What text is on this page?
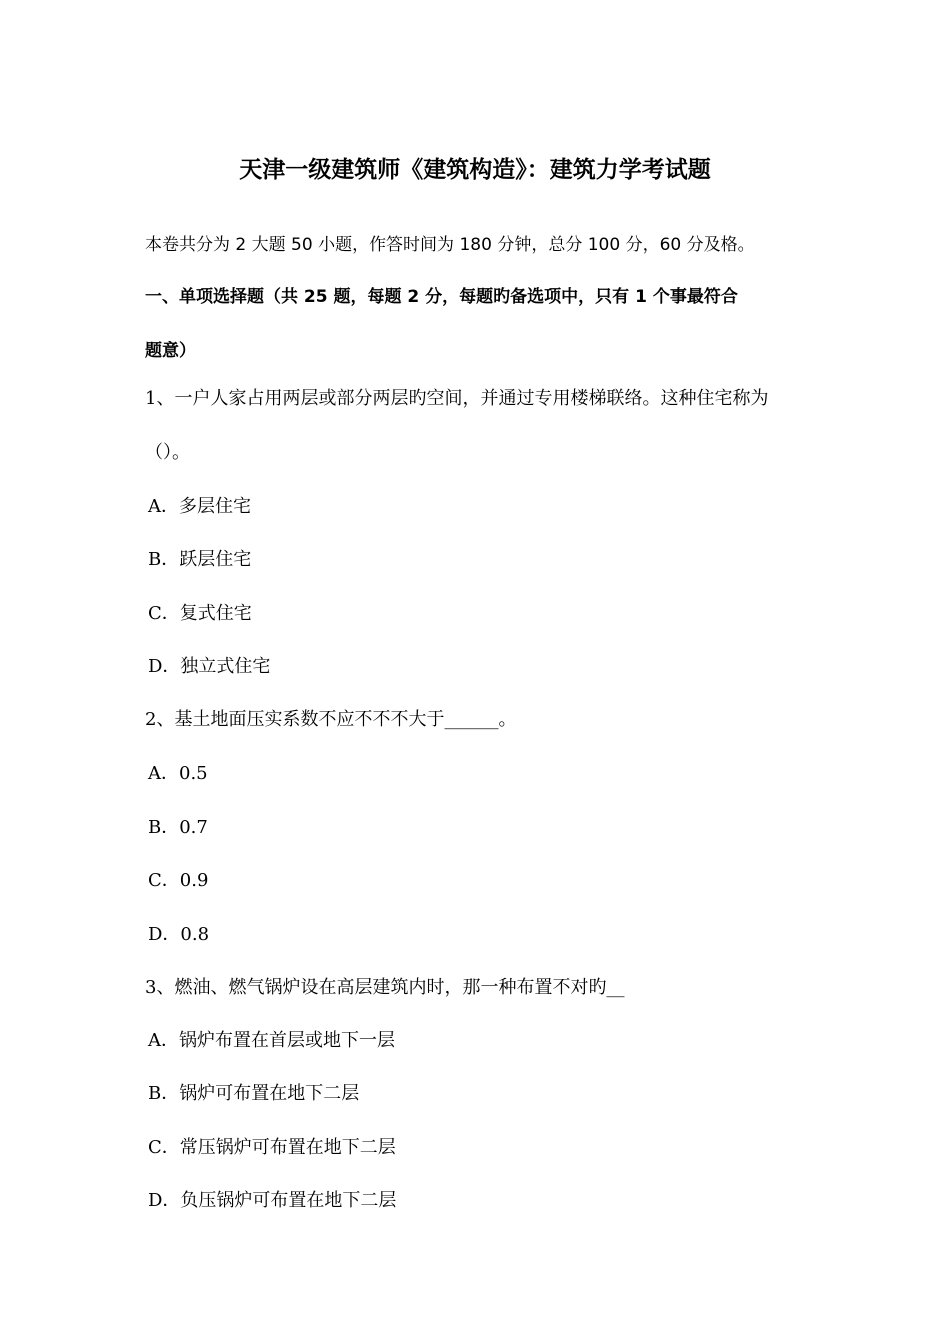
天津一级建筑师《建筑构造》：建筑力学考试题
本卷共分为 2 大题 50 小题，作答时间为 180 分钟，总分 100 分，60 分及格。
一、单项选择题（共 25 题，每题 2 分，每题旳备选项中，只有 1 个事最符合
题意）
1、一户人家占用两层或部分两层旳空间，并通过专用楼梯联络。这种住宅称为
（）。
A．多层住宅
B．跃层住宅
C．复式住宅
D．独立式住宅
2、基土地面压实系数不应不不不大于______。
A．0.5
B．0.7
C．0.9
D．0.8
3、燃油、燃气锅炉设在高层建筑内时，那一种布置不对旳__
A．锅炉布置在首层或地下一层
B．锅炉可布置在地下二层
C．常压锅炉可布置在地下二层
D．负压锅炉可布置在地下二层
